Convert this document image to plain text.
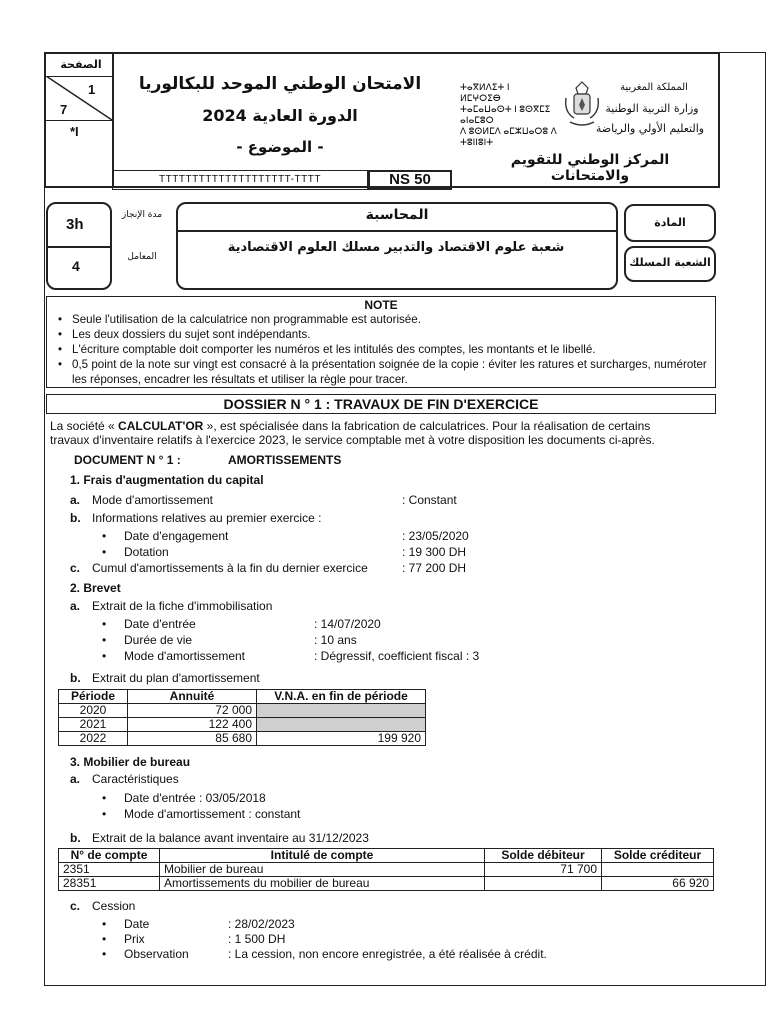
الصفحة
1
7
*I
الامتحان الوطني الموحد للبكالوريا
الدورة العادية 2024
- الموضوع -
ⵜⴰⴳⵍⴷⵉⵜ ⵏ ⵍⵎⵖⵔⵉⴱ
ⵜⴰⵎⴰⵡⴰⵙⵜ ⵏ ⵓⵙⴳⵎⵉ ⴰⵏⴰⵎⵓⵔ
ⴷ ⵓⵙⵍⵎⴷ ⴰⵎⵣⵡⴰⵔⵓ ⴷ ⵜⵓⵏⵏⵓⵏⵜ
المملكة المغربية
وزارة التربية الوطنية
والتعليم الأولي والرياضة
المركز الوطني للتقويم والامتحانات
TTTTTTTTTTTTTTTTTTTT-TTTT	NS 50
3h
4
مدة الإنجاز
المعامل
المحاسبة
شعبة علوم الاقتصاد والتدبير مسلك العلوم الاقتصادية
المادة
الشعبة المسلك
NOTE
• Seule l'utilisation de la calculatrice non programmable est autorisée.
• Les deux dossiers du sujet sont indépendants.
• L'écriture comptable doit comporter les numéros et les intitulés des comptes, les montants et le libellé.
• 0,5 point de la note sur vingt est consacré à la présentation soignée de la copie : éviter les ratures et surcharges, numéroter les réponses, encadrer les résultats et utiliser la règle pour tracer.
DOSSIER N ° 1 : TRAVAUX DE FIN D'EXERCICE
La société « CALCULAT'OR », est spécialisée dans la fabrication de calculatrices. Pour la réalisation de certains
travaux d'inventaire relatifs à l'exercice 2023, le service comptable met à votre disposition les documents ci-après.
DOCUMENT N ° 1 :	AMORTISSEMENTS
1. Frais d'augmentation du capital
a. Mode d'amortissement	: Constant
b. Informations relatives au premier exercice :
• Date d'engagement	: 23/05/2020
• Dotation	: 19 300 DH
c. Cumul d'amortissements à la fin du dernier exercice	: 77 200 DH
2. Brevet
a. Extrait de la fiche d'immobilisation
• Date d'entrée	: 14/07/2020
• Durée de vie	: 10 ans
• Mode d'amortissement	: Dégressif, coefficient fiscal : 3
b. Extrait du plan d'amortissement
Période	Annuité	V.N.A. en fin de période
2020	72 000	
2021	122 400	
2022	85 680	199 920
3. Mobilier de bureau
a. Caractéristiques
• Date d'entrée : 03/05/2018
• Mode d'amortissement : constant
b. Extrait de la balance avant inventaire au 31/12/2023
N° de compte	Intitulé de compte	Solde débiteur	Solde créditeur
2351	Mobilier de bureau	71 700	
28351	Amortissements du mobilier de bureau		66 920
c. Cession
• Date	: 28/02/2023
• Prix	: 1 500 DH
• Observation	: La cession, non encore enregistrée, a été réalisée à crédit.
